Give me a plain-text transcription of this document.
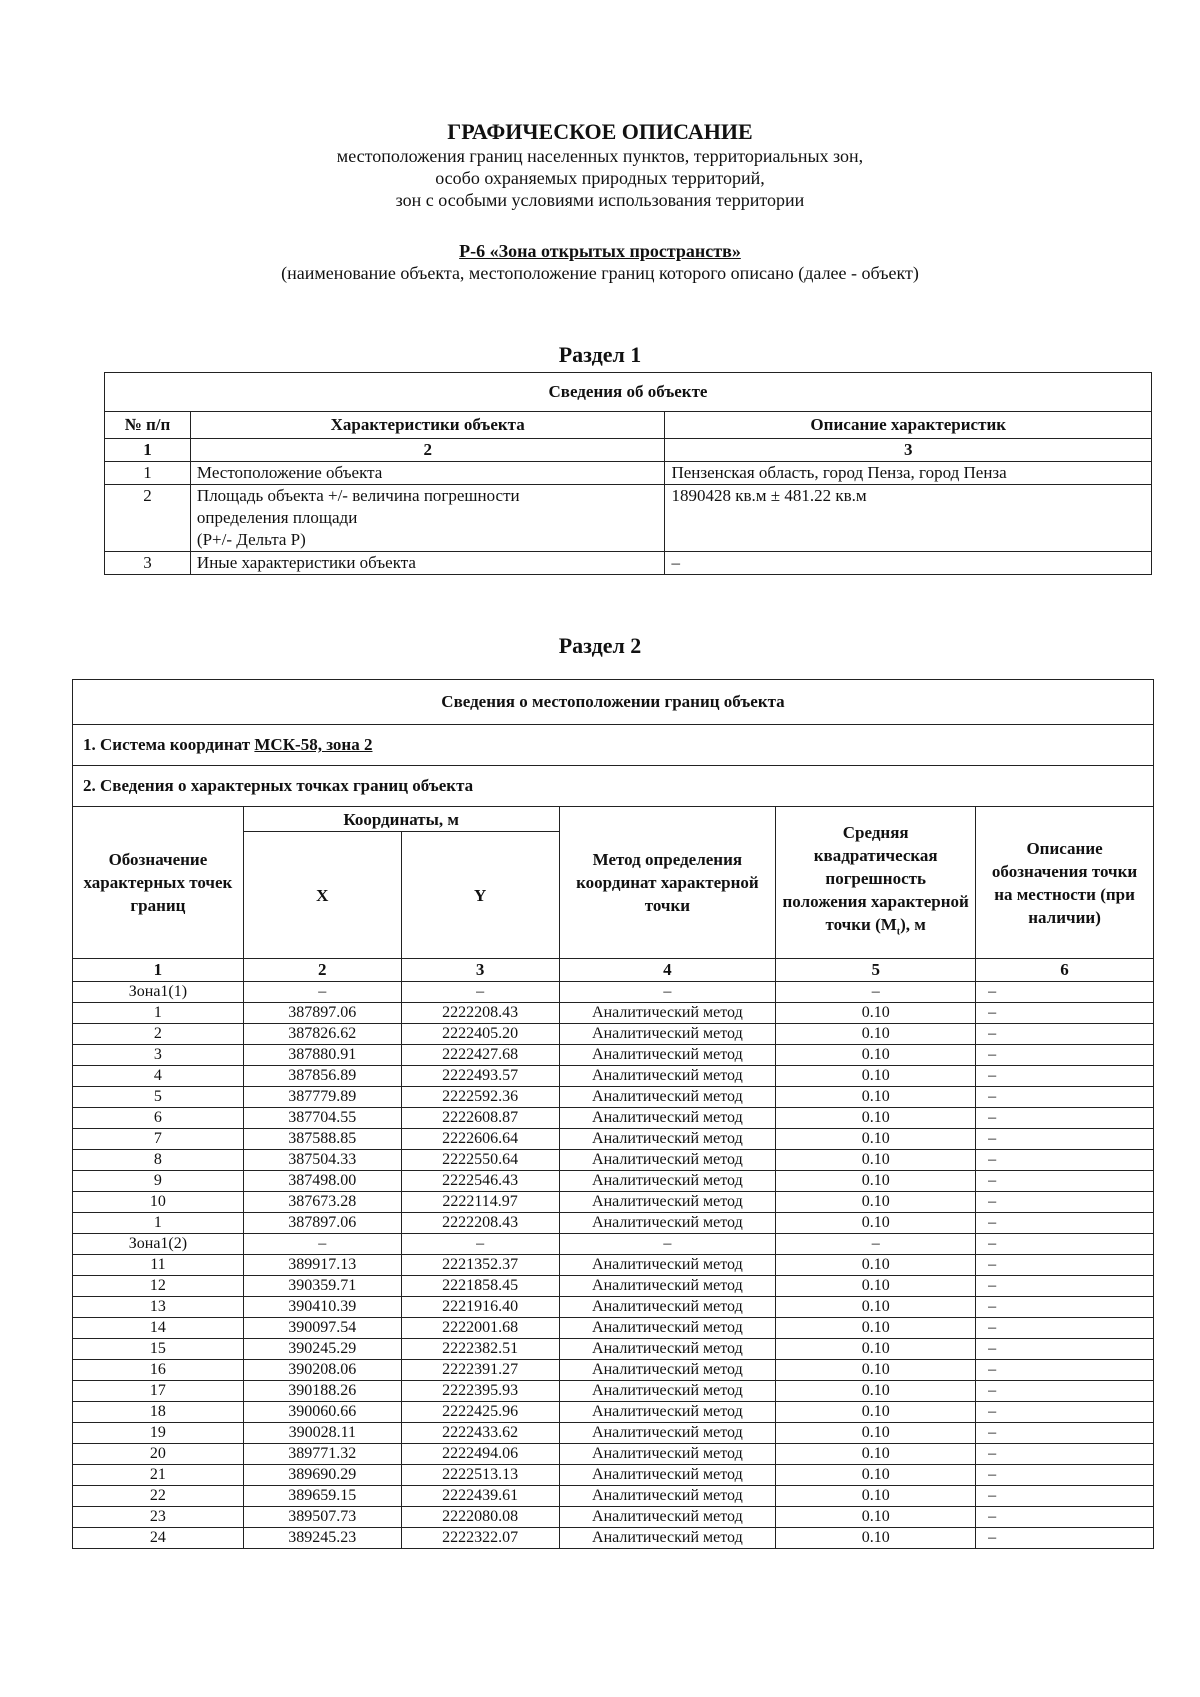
ГРАФИЧЕСКОЕ ОПИСАНИЕ
местоположения границ населенных пунктов, территориальных зон,
особо охраняемых природных территорий,
зон с особыми условиями использования территории
Р-6 «Зона открытых пространств»
(наименование объекта, местоположение границ которого описано (далее - объект)
Раздел 1
Сведения об объекте		
№ п/п	Характеристики объекта	Описание характеристик
1	2	3
1	Местоположение объекта	Пензенская область, город Пенза, город Пенза
2	Площадь объекта +/- величина погрешности
определения площади
(P+/- Дельта P)	1890428 кв.м ± 481.22 кв.м
3	Иные характеристики объекта	–
Раздел 2
Сведения о местоположении границ объекта					
1. Система координат МСК-58, зона 2					
2. Сведения о характерных точках границ объекта					
Обозначение характерных точек границ	Координаты, м		Метод определения координат характерной точки	Средняя квадратическая погрешность положения характерной точки $(M_t)$, м	Описание обозначения точки на местности (при наличии)
	X	Y			
1	2	3	4	5	6
Зона1(1)	–	–	–	–	–
1	387897.06	2222208.43	Аналитический метод	0.10	–
2	387826.62	2222405.20	Аналитический метод	0.10	–
3	387880.91	2222427.68	Аналитический метод	0.10	–
4	387856.89	2222493.57	Аналитический метод	0.10	–
5	387779.89	2222592.36	Аналитический метод	0.10	–
6	387704.55	2222608.87	Аналитический метод	0.10	–
7	387588.85	2222606.64	Аналитический метод	0.10	–
8	387504.33	2222550.64	Аналитический метод	0.10	–
9	387498.00	2222546.43	Аналитический метод	0.10	–
10	387673.28	2222114.97	Аналитический метод	0.10	–
1	387897.06	2222208.43	Аналитический метод	0.10	–
Зона1(2)	–	–	–	–	–
11	389917.13	2221352.37	Аналитический метод	0.10	–
12	390359.71	2221858.45	Аналитический метод	0.10	–
13	390410.39	2221916.40	Аналитический метод	0.10	–
14	390097.54	2222001.68	Аналитический метод	0.10	–
15	390245.29	2222382.51	Аналитический метод	0.10	–
16	390208.06	2222391.27	Аналитический метод	0.10	–
17	390188.26	2222395.93	Аналитический метод	0.10	–
18	390060.66	2222425.96	Аналитический метод	0.10	–
19	390028.11	2222433.62	Аналитический метод	0.10	–
20	389771.32	2222494.06	Аналитический метод	0.10	–
21	389690.29	2222513.13	Аналитический метод	0.10	–
22	389659.15	2222439.61	Аналитический метод	0.10	–
23	389507.73	2222080.08	Аналитический метод	0.10	–
24	389245.23	2222322.07	Аналитический метод	0.10	–
